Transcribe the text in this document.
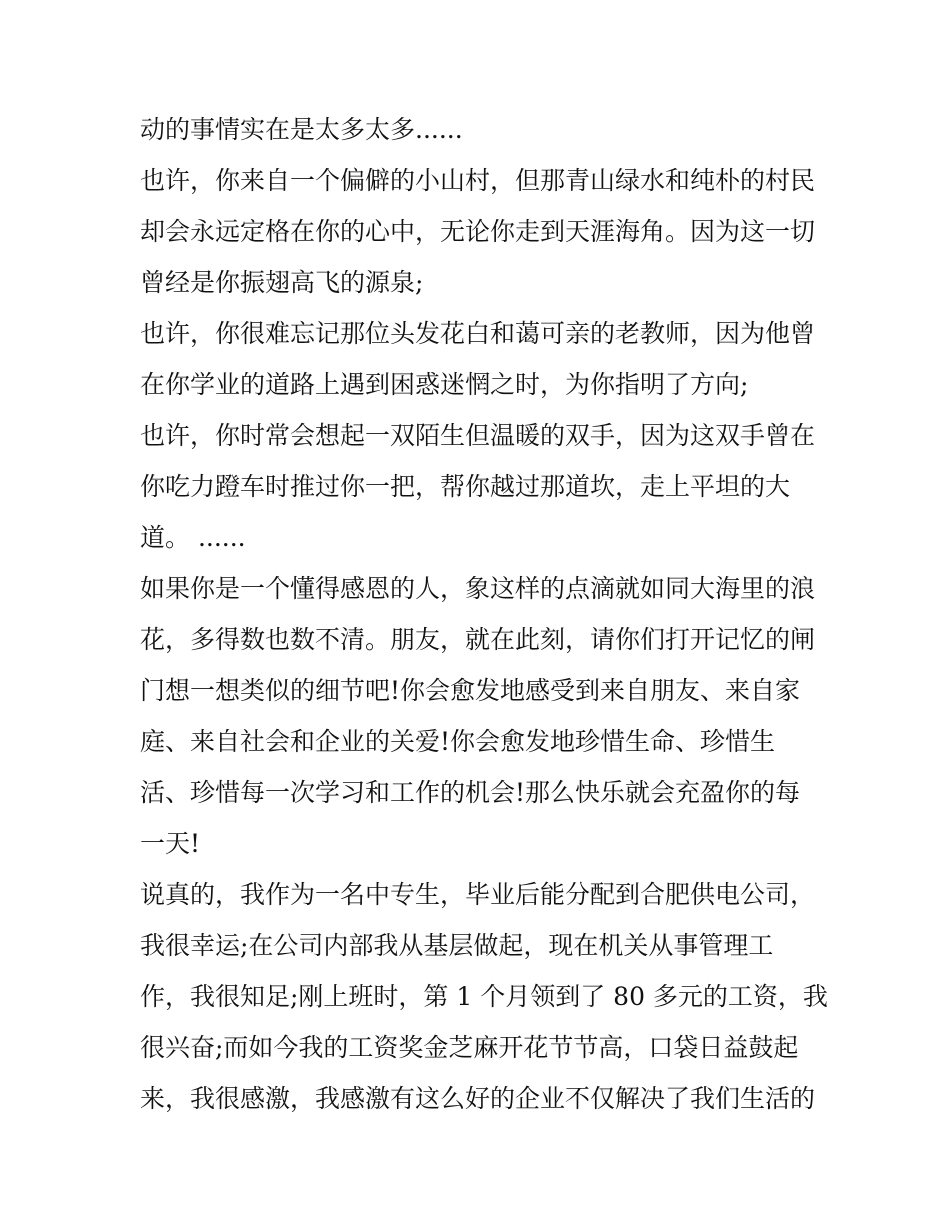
动的事情实在是太多太多......
也许，你来自一个偏僻的小山村，但那青山绿水和纯朴的村民
却会永远定格在你的心中，无论你走到天涯海角。因为这一切
曾经是你振翅高飞的源泉;
也许，你很难忘记那位头发花白和蔼可亲的老教师，因为他曾
在你学业的道路上遇到困惑迷惘之时，为你指明了方向;
也许，你时常会想起一双陌生但温暖的双手，因为这双手曾在
你吃力蹬车时推过你一把，帮你越过那道坎，走上平坦的大
道。 ......
如果你是一个懂得感恩的人，象这样的点滴就如同大海里的浪
花，多得数也数不清。朋友，就在此刻，请你们打开记忆的闸
门想一想类似的细节吧!你会愈发地感受到来自朋友、来自家
庭、来自社会和企业的关爱!你会愈发地珍惜生命、珍惜生
活、珍惜每一次学习和工作的机会!那么快乐就会充盈你的每
一天!
说真的，我作为一名中专生，毕业后能分配到合肥供电公司，
我很幸运;在公司内部我从基层做起，现在机关从事管理工
作，我很知足;刚上班时，第 1 个月领到了 80 多元的工资，我
很兴奋;而如今我的工资奖金芝麻开花节节高，口袋日益鼓起
来，我很感激，我感激有这么好的企业不仅解决了我们生活的
